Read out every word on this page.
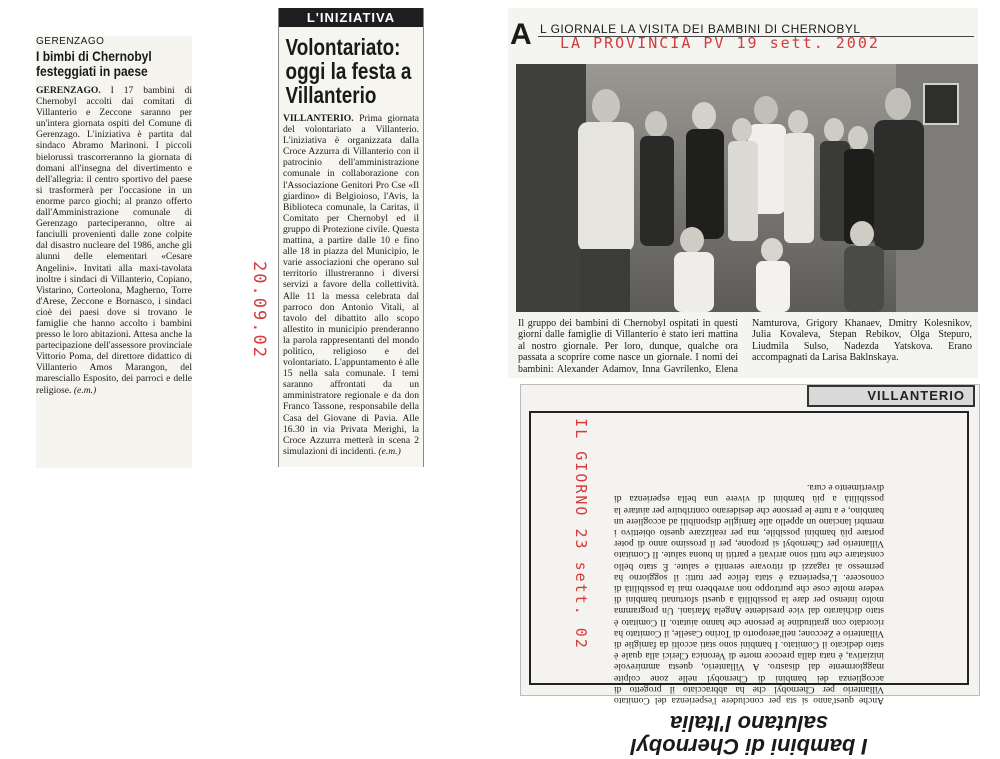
GERENZAGO
I bimbi di Chernobyl festeggiati in paese
GERENZAGO. I 17 bambini di Chernobyl accolti dai comitati di Villanterio e Zeccone saranno per un'intera giornata ospiti del Comune di Gerenzago. L'iniziativa è partita dal sindaco Abramo Marinoni. I piccoli bielorussi trascorreranno la giornata di domani all'insegna del divertimento e dell'allegria: il centro sportivo del paese si trasformerà per l'occasione in un enorme parco giochi; al pranzo offerto dall'Amministrazione comunale di Gerenzago parteciperanno, oltre ai fanciulli provenienti dalle zone colpite dal disastro nucleare del 1986, anche gli alunni delle elementari «Cesare Angelini». Invitati alla maxi-tavolata inoltre i sindaci di Villanterio, Copiano, Vistarino, Corteolona, Magherno, Torre d'Arese, Zeccone e Bornasco, i sindaci cioè dei paesi dove si trovano le famiglie che hanno accolto i bambini presso le loro abitazioni. Attesa anche la partecipazione dell'assessore provinciale Vittorio Poma, del direttore didattico di Villanterio Amos Marangon, del maresciallo Esposito, dei parroci e delle religiose. (e.m.)
L'INIZIATIVA
Volontariato: oggi la festa a Villanterio
VILLANTERIO. Prima giornata del volontariato a Villanterio. L'iniziativa è organizzata dalla Croce Azzurra di Villanterio con il patrocinio dell'amministrazione comunale in collaborazione con l'Associazione Genitori Pro Cse «Il giardino» di Belgioioso, l'Avis, la Biblioteca comunale, la Caritas, il Comitato per Chernobyl ed il gruppo di Protezione civile. Questa mattina, a partire dalle 10 e fino alle 18 in piazza del Municipio, le varie associazioni che operano sul territorio illustreranno i diversi servizi a favore della collettività. Alle 11 la messa celebrata dal parroco don Antonio Vitali, al tavolo del dibattito allo scopo allestito in municipio prenderanno la parola rappresentanti del mondo politico, religioso e del volontariato. L'appuntamento è alle 15 nella sala comunale. I temi saranno affrontati da un amministratore regionale e da don Franco Tassone, responsabile della Casa del Giovane di Pavia. Alle 16.30 in via Privata Merighi, la Croce Azzurra metterà in scena 2 simulazioni di incidenti. (e.m.)
20.09.02
A L GIORNALE LA VISITA DEI BAMBINI DI CHERNOBYL
LA PROVINCIA PV 19 sett. 2002
Il gruppo dei bambini di Chernobyl ospitati in questi giorni dalle famiglie di Villanterio è stato ieri mattina al nostro giornale. Per loro, dunque, qualche ora passata a scoprire come nasce un giornale. I nomi dei bambini: Alexander Adamov, Inna Gavrilenko, Elena Namturova, Grigory Khanaev, Dmitry Kolesnikov, Julia Kovaleva, Stepan Rebikov, Olga Stepuro, Liudmila Sulso, Nadezda Yatskova. Erano accompagnati da Larisa Baklnskaya.
VILLANTERIO
I bambini di Chernobyl salutano l'Italia
Anche quest'anno si sta per concludere l'esperienza del Comitato Villanterio per Chernobyl che ha abbracciato il progetto di accoglienza dei bambini di Chernobyl nelle zone colpite maggiormente dal disastro. A Villanterio, questa ammirevole iniziativa, è nata dalla precoce morte di Veronica Clerici alla quale è stato dedicato il Comitato. I bambini sono stati accolti da famiglie di Villanterio e Zeccone; nell'aeroporto di Torino Caselle, il Comitato ha ricordato con gratitudine le persone che hanno aiutato. Il Comitato è stato dichiarato dal vice presidente Angela Mariani. Un programma molto intenso per dare la possibilità a questi sfortunati bambini di vedere molte cose che purtroppo non avrebbero mai la possibilità di conoscere. L'esperienza è stata felice per tutti: il soggiorno ha permesso ai ragazzi di ritrovare serenità e salute. È stato bello constatare che tutti sono arrivati e partiti in buona salute. Il Comitato Villanterio per Chernobyl si propone, per il prossimo anno di poter portare più bambini possibile, ma per realizzare questo obiettivo i membri lanciano un appello alle famiglie disponibili ad accogliere un bambino, e a tutte le persone che desiderano contribuire per aiutare la possibilità a più bambini di vivere una bella esperienza di divertimento e cura.
IL GIORNO 23 sett. 02
